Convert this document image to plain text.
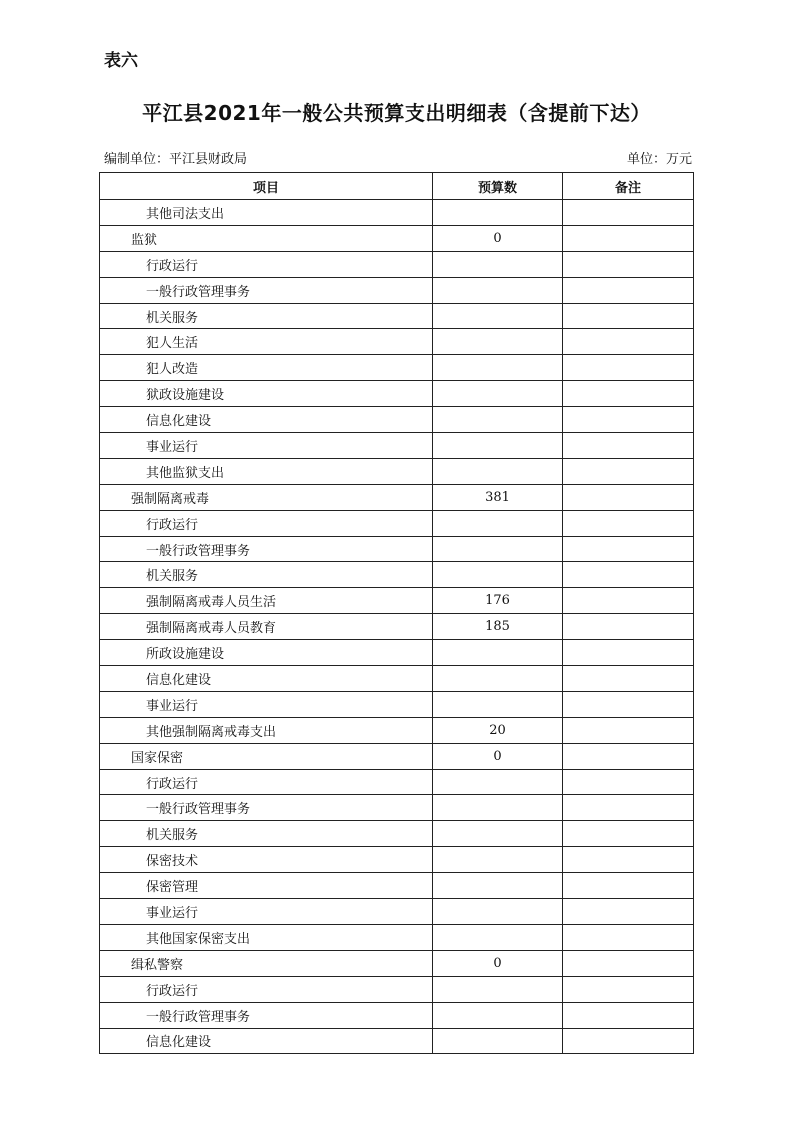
表六
平江县2021年一般公共预算支出明细表（含提前下达）
编制单位：平江县财政局	单位：万元
项目	预算数	备注
其他司法支出		
监狱	0	
行政运行		
一般行政管理事务		
机关服务		
犯人生活		
犯人改造		
狱政设施建设		
信息化建设		
事业运行		
其他监狱支出		
强制隔离戒毒	381	
行政运行		
一般行政管理事务		
机关服务		
强制隔离戒毒人员生活	176	
强制隔离戒毒人员教育	185	
所政设施建设		
信息化建设		
事业运行		
其他强制隔离戒毒支出	20	
国家保密	0	
行政运行		
一般行政管理事务		
机关服务		
保密技术		
保密管理		
事业运行		
其他国家保密支出		
缉私警察	0	
行政运行		
一般行政管理事务		
信息化建设		
